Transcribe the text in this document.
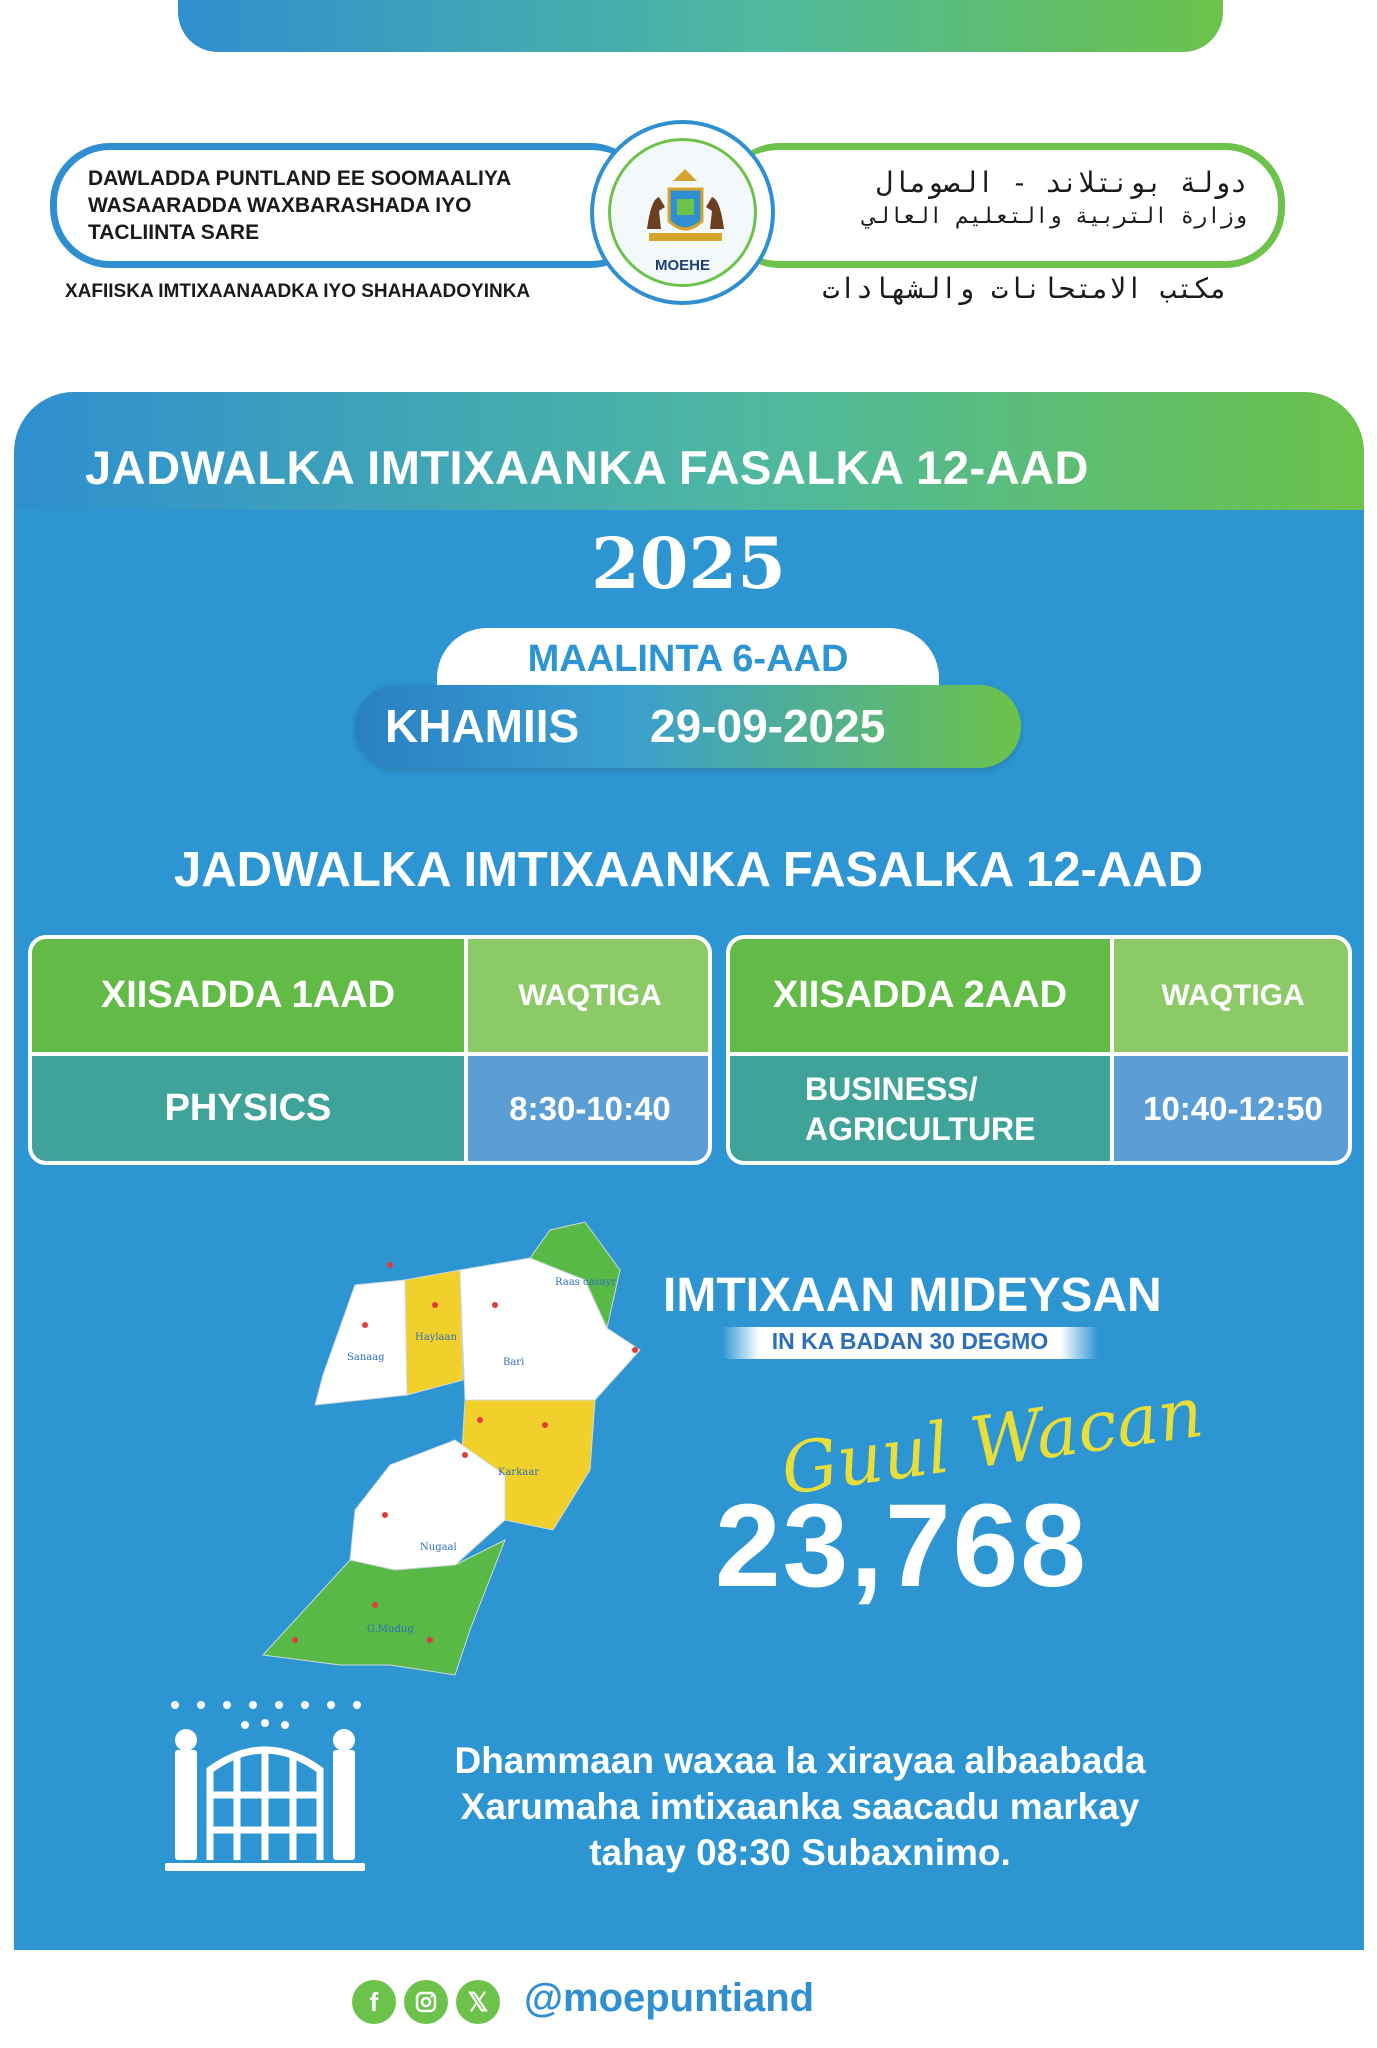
DAWLADDA PUNTLAND EE SOOMAALIYA
WASAARADDA WAXBARASHADA IYO
TACLIINTA SARE
دولة بونتلاند - الصومال
وزارة التربية والتعليم العالي
XAFIISKA IMTIXAANAADKA IYO SHAHAADOYINKA	مكتب الامتحانات والشهادات
MOEHE
JADWALKA IMTIXAANKA FASALKA 12-AAD
2025
MAALINTA 6-AAD
KHAMIIS 29-09-2025
JADWALKA IMTIXAANKA FASALKA 12-AAD
XIISADDA 1AAD	WAQTIGA
PHYSICS	8:30-10:40
XIISADDA 2AAD	WAQTIGA
BUSINESS/
AGRICULTURE
10:40-12:50
Sanaag
Haylaan
Bari
Raas casayr
Karkaar
Nugaal
G.Mudug
IMTIXAAN MIDEYSAN
IN KA BADAN 30 DEGMO
Guul Wacan
23,768
Dhammaan waxaa la xirayaa albaabada
Xarumaha imtixaanka saacadu markay
tahay 08:30 Subaxnimo.
f	𝕏 @moepuntiand
